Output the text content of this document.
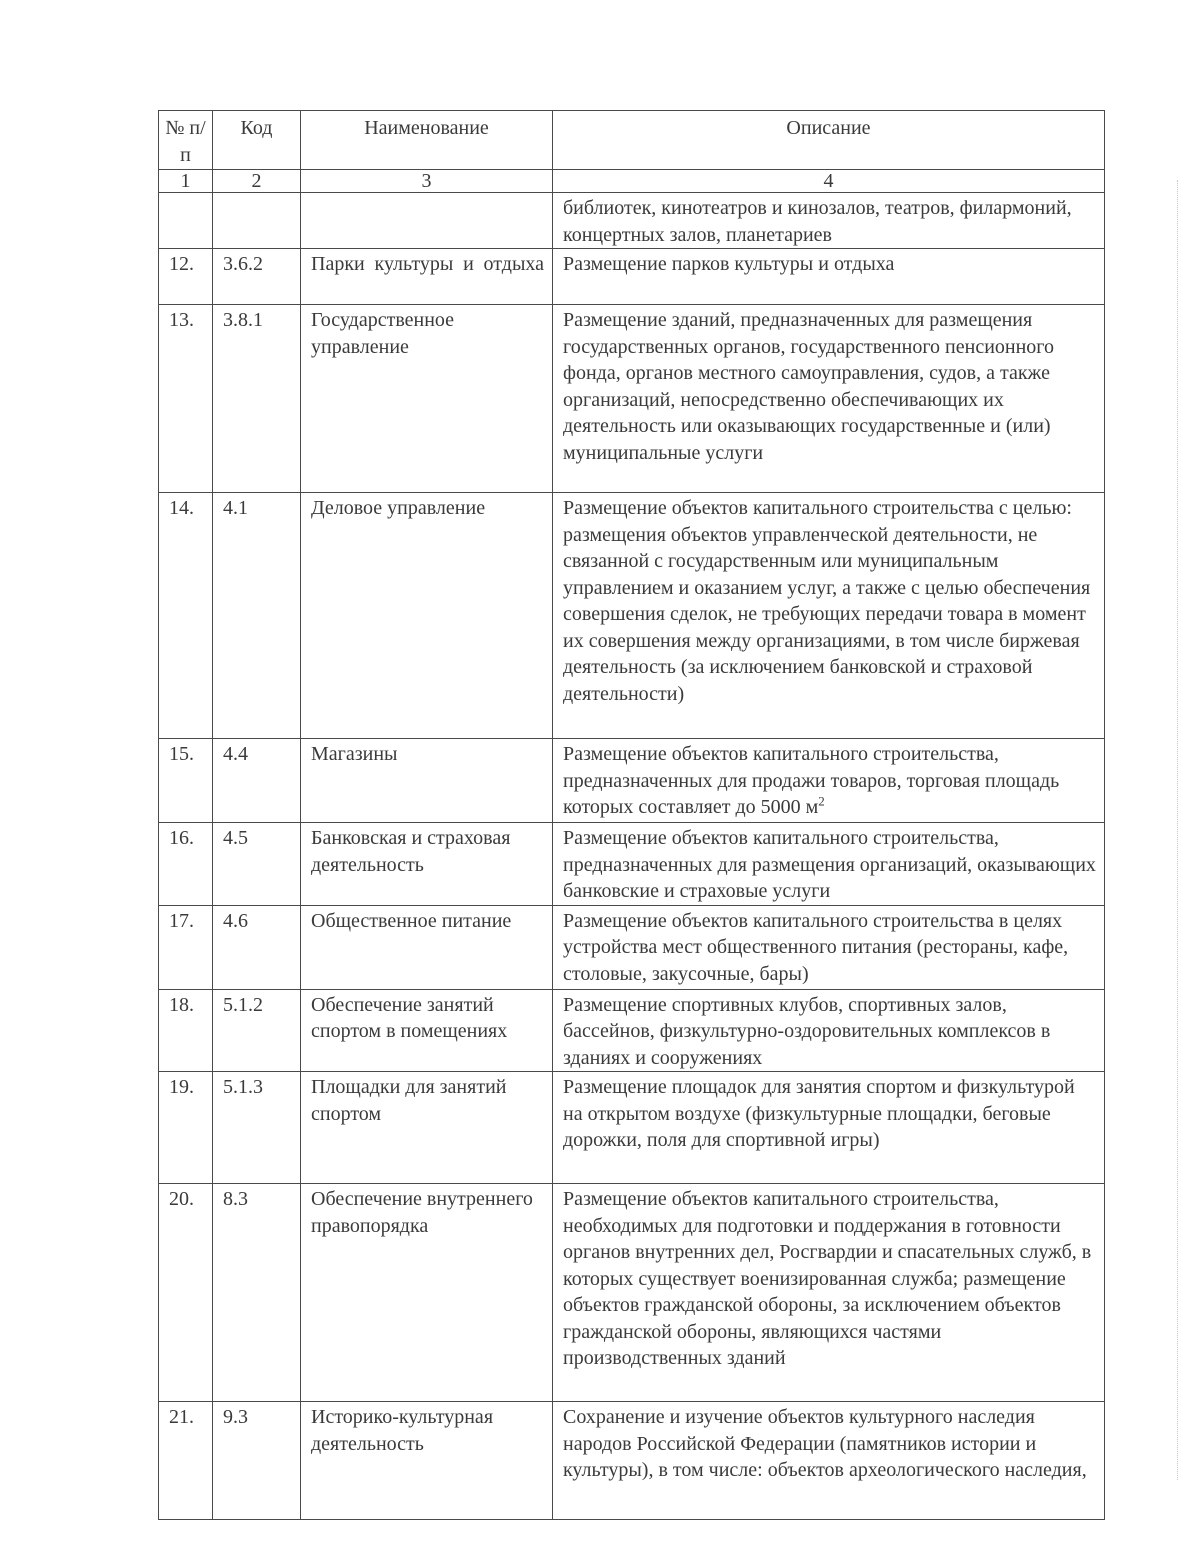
№ п/п	Код	Наименование	Описание
1	2	3	4
			библиотек, кинотеатров и кинозалов, театров, филармоний, концертных залов, планетариев
12.	3.6.2	Парки культуры и отдыха	Размещение парков культуры и отдыха
13.	3.8.1	Государственное управление	Размещение зданий, предназначенных для размещения государственных органов, государственного пенсионного фонда, органов местного самоуправления, судов, а также организаций, непосредственно обеспечивающих их деятельность или оказывающих государственные и (или) муниципальные услуги
14.	4.1	Деловое управление	Размещение объектов капитального строительства с целью: размещения объектов управленческой деятельности, не связанной с государственным или муниципальным управлением и оказанием услуг, а также с целью обеспечения совершения сделок, не требующих передачи товара в момент их совершения между организациями, в том числе биржевая деятельность (за исключением банковской и страховой деятельности)
15.	4.4	Магазины	Размещение объектов капитального строительства, предназначенных для продажи товаров, торговая площадь которых составляет до 5000 $м^2$
16.	4.5	Банковская и страховая деятельность	Размещение объектов капитального строительства, предназначенных для размещения организаций, оказывающих банковские и страховые услуги
17.	4.6	Общественное питание	Размещение объектов капитального строительства в целях устройства мест общественного питания (рестораны, кафе, столовые, закусочные, бары)
18.	5.1.2	Обеспечение занятий спортом в помещениях	Размещение спортивных клубов, спортивных залов, бассейнов, физкультурно-оздоровительных комплексов в зданиях и сооружениях
19.	5.1.3	Площадки для занятий спортом	Размещение площадок для занятия спортом и физкультурой на открытом воздухе (физкультурные площадки, беговые дорожки, поля для спортивной игры)
20.	8.3	Обеспечение внутреннего правопорядка	Размещение объектов капитального строительства, необходимых для подготовки и поддержания в готовности органов внутренних дел, Росгвардии и спасательных служб, в которых существует военизированная служба; размещение объектов гражданской обороны, за исключением объектов гражданской обороны, являющихся частями производственных зданий
21.	9.3	Историко-культурная деятельность	Сохранение и изучение объектов культурного наследия народов Российской Федерации (памятников истории и культуры), в том числе: объектов археологического наследия,
